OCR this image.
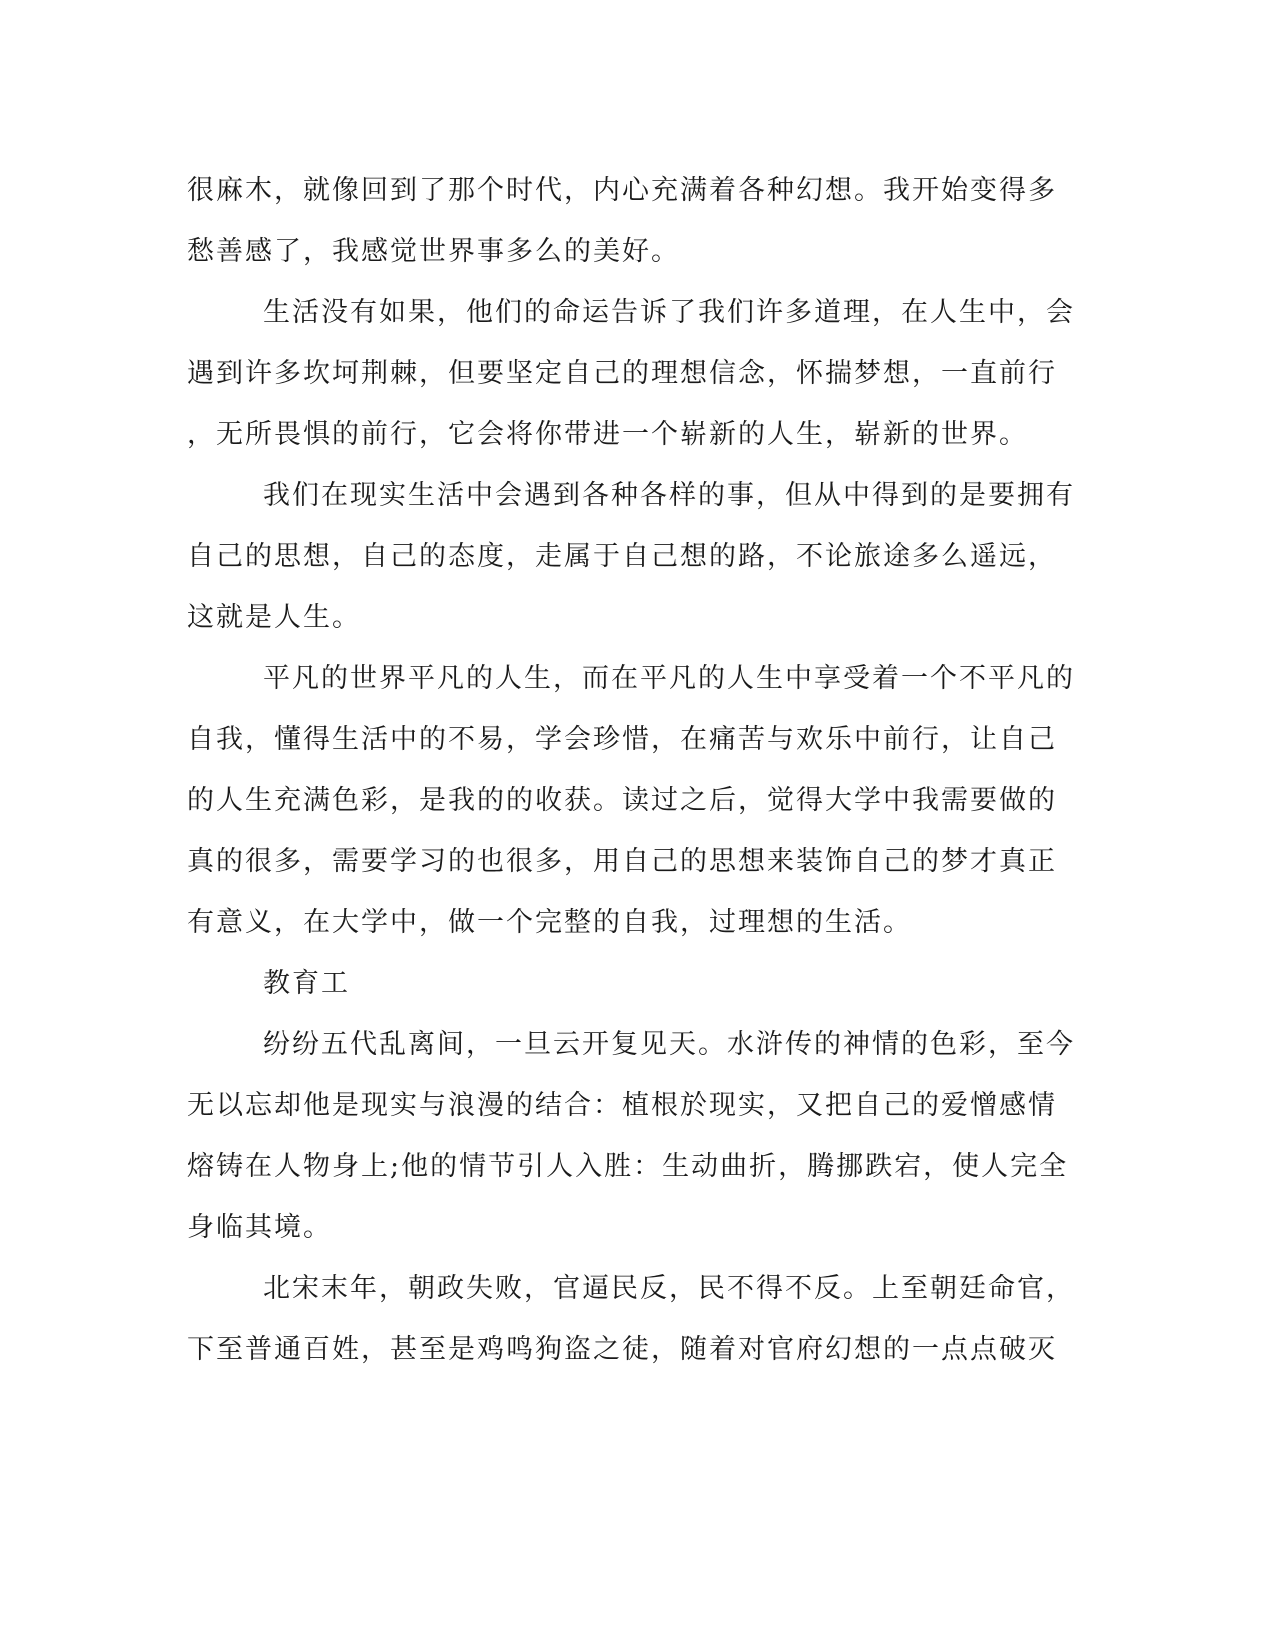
很麻木，就像回到了那个时代，内心充满着各种幻想。我开始变得多
愁善感了，我感觉世界事多么的美好。
生活没有如果，他们的命运告诉了我们许多道理，在人生中，会
遇到许多坎坷荆棘，但要坚定自己的理想信念，怀揣梦想，一直前行
，无所畏惧的前行，它会将你带进一个崭新的人生，崭新的世界。
我们在现实生活中会遇到各种各样的事，但从中得到的是要拥有
自己的思想，自己的态度，走属于自己想的路，不论旅途多么遥远，
这就是人生。
平凡的世界平凡的人生，而在平凡的人生中享受着一个不平凡的
自我，懂得生活中的不易，学会珍惜，在痛苦与欢乐中前行，让自己
的人生充满色彩，是我的的收获。读过之后，觉得大学中我需要做的
真的很多，需要学习的也很多，用自己的思想来装饰自己的梦才真正
有意义，在大学中，做一个完整的自我，过理想的生活。
教育工
纷纷五代乱离间，一旦云开复见天。水浒传的神情的色彩，至今
无以忘却他是现实与浪漫的结合：植根於现实，又把自己的爱憎感情
熔铸在人物身上;他的情节引人入胜：生动曲折，腾挪跌宕，使人完全
身临其境。
北宋末年，朝政失败，官逼民反，民不得不反。上至朝廷命官，
下至普通百姓，甚至是鸡鸣狗盗之徒，随着对官府幻想的一点点破灭
